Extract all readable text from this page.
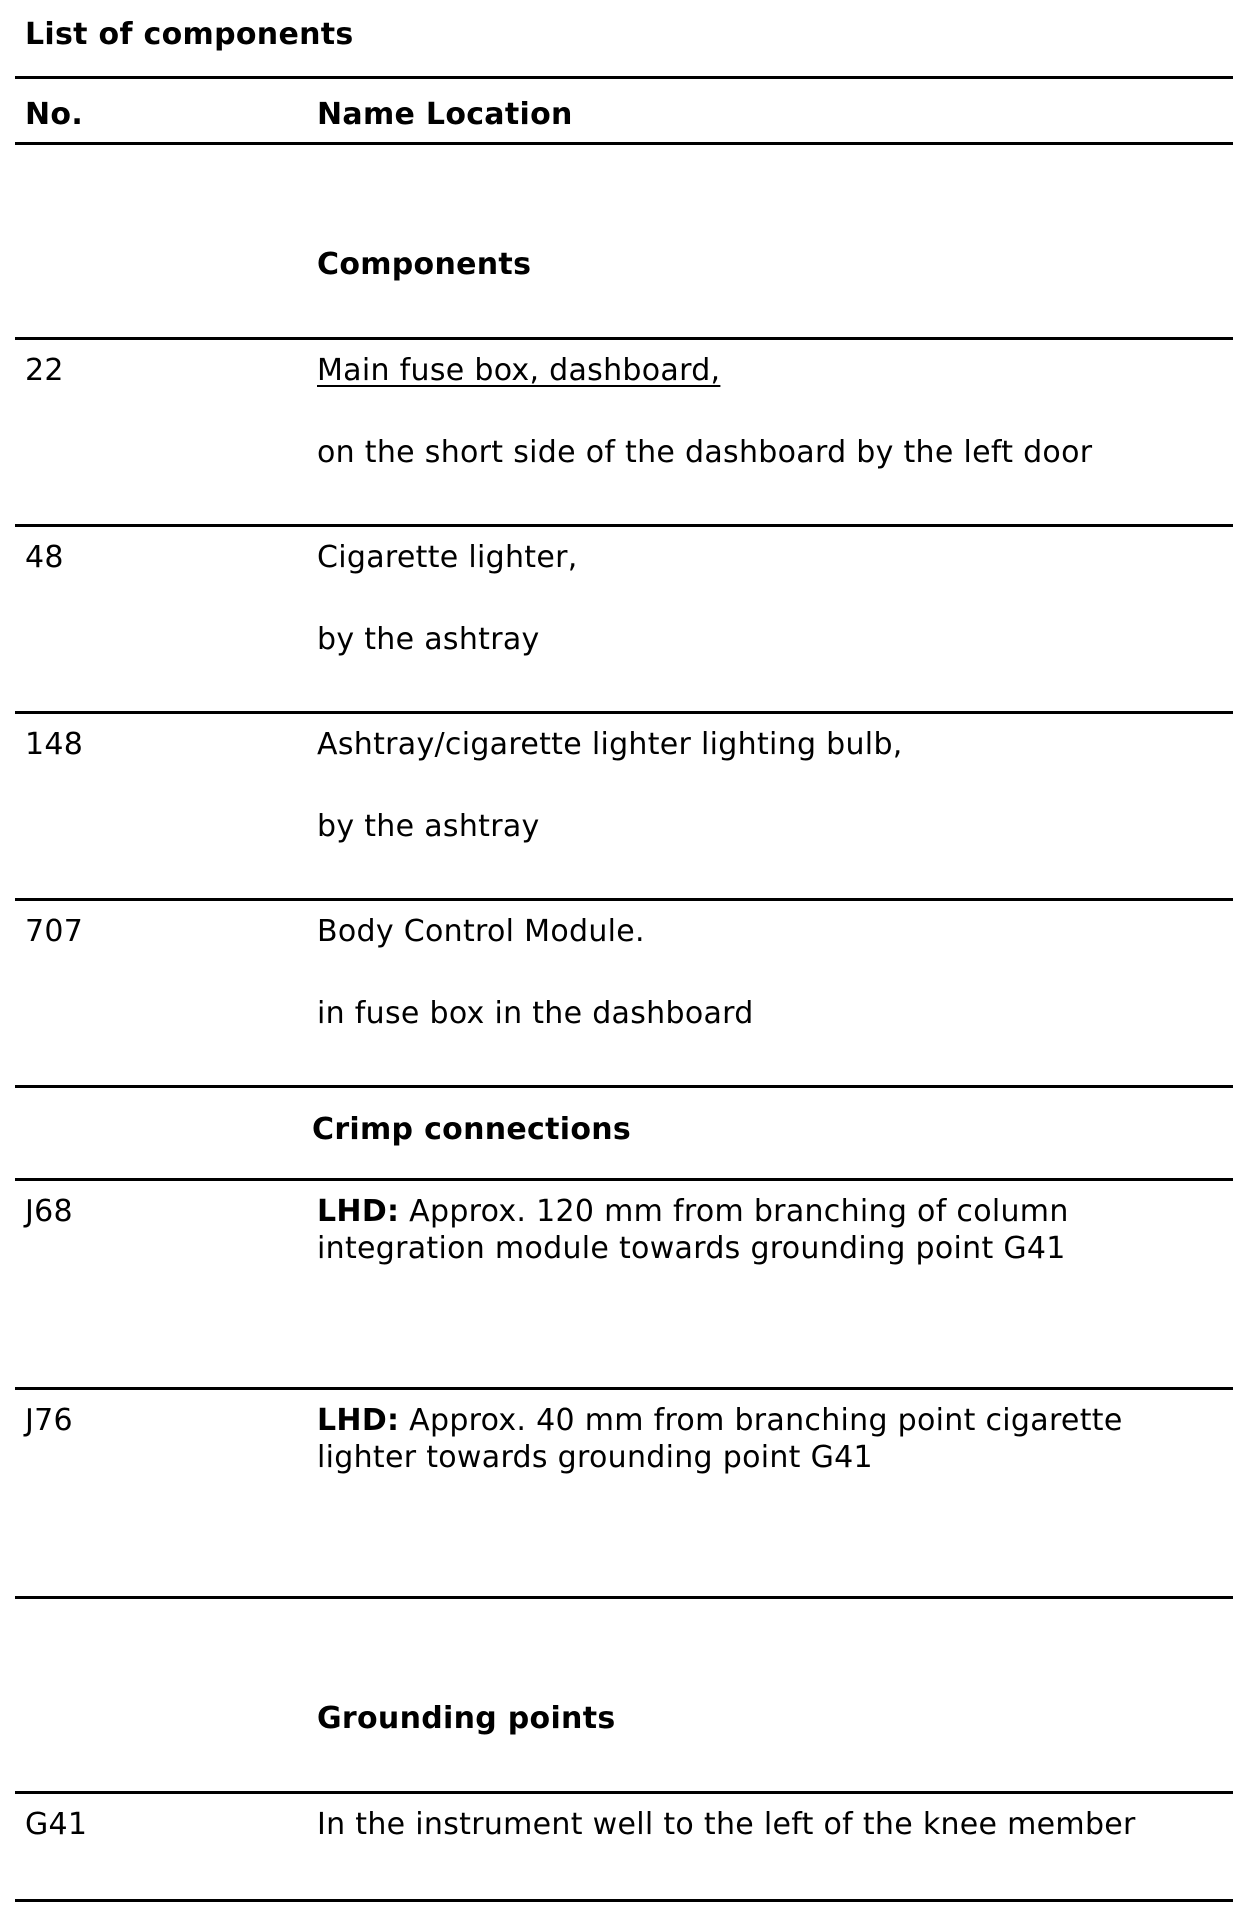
List of components
No.	Name Location
Components
22	Main fuse box, dashboard,
on the short side of the dashboard by the left door
48	Cigarette lighter,
by the ashtray
148	Ashtray/cigarette lighter lighting bulb,
by the ashtray
707	Body Control Module.
in fuse box in the dashboard
Crimp connections
J68	LHD: Approx. 120 mm from branching of column
integration module towards grounding point G41
J76	LHD: Approx. 40 mm from branching point cigarette
lighter towards grounding point G41
Grounding points
G41	In the instrument well to the left of the knee member
